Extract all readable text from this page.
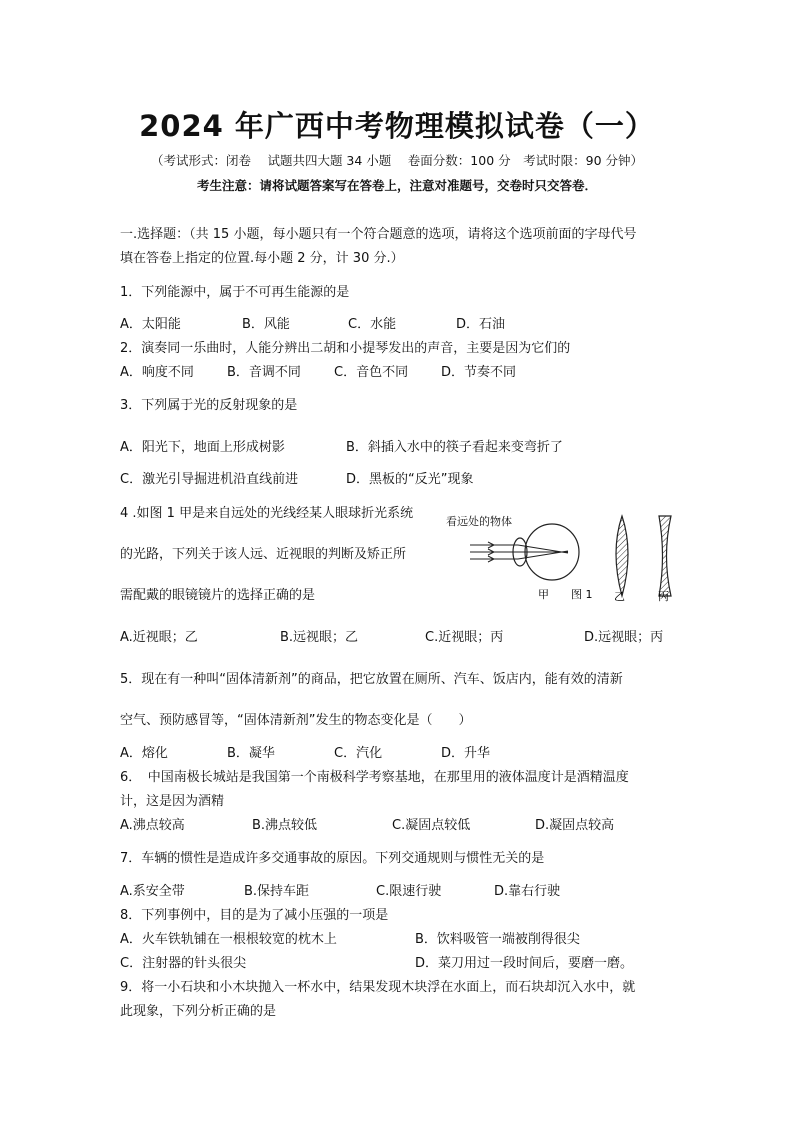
2024 年广西中考物理模拟试卷（一）
（考试形式：闭卷　 试题共四大题 34 小题　 卷面分数：100 分　考试时限：90 分钟）
考生注意：请将试题答案写在答卷上，注意对准题号，交卷时只交答卷．
一.选择题：（共 15 小题，每小题只有一个符合题意的选项，请将这个选项前面的字母代号
填在答卷上指定的位置.每小题 2 分，计 30 分.）
1．下列能源中，属于不可再生能源的是
A．太阳能	B．风能	C．水能	D．石油
2．演奏同一乐曲时，人能分辨出二胡和小提琴发出的声音，主要是因为它们的
A．响度不同	B．音调不同	C．音色不同	D．节奏不同
3．下列属于光的反射现象的是
A．阳光下，地面上形成树影	B．斜插入水中的筷子看起来变弯折了
C．激光引导掘进机沿直线前进	D．黑板的“反光”现象
4 .如图 1 甲是来自远处的光线经某人眼球折光系统
的光路，下列关于该人远、近视眼的判断及矫正所
需配戴的眼镜镜片的选择正确的是
看远处的物体
甲 图 1 乙	丙
A.近视眼；乙	B.远视眼；乙	C.近视眼；丙	D.远视眼；丙
5．现在有一种叫“固体清新剂”的商品，把它放置在厕所、汽车、饭店内，能有效的清新
空气、预防感冒等，“固体清新剂”发生的物态变化是（　　）
A．熔化	B．凝华	C．汽化	D．升华
6．　中国南极长城站是我国第一个南极科学考察基地，在那里用的液体温度计是酒精温度
计，这是因为酒精
A.沸点较高	B.沸点较低	C.凝固点较低	D.凝固点较高
7．车辆的惯性是造成许多交通事故的原因。下列交通规则与惯性无关的是
A.系安全带	B.保持车距	C.限速行驶	D.靠右行驶
8．下列事例中，目的是为了减小压强的一项是
A．火车铁轨铺在一根根较宽的枕木上	B．饮料吸管一端被削得很尖
C．注射器的针头很尖	D．菜刀用过一段时间后，要磨一磨。
9．将一小石块和小木块抛入一杯水中，结果发现木块浮在水面上，而石块却沉入水中，就
此现象，下列分析正确的是
